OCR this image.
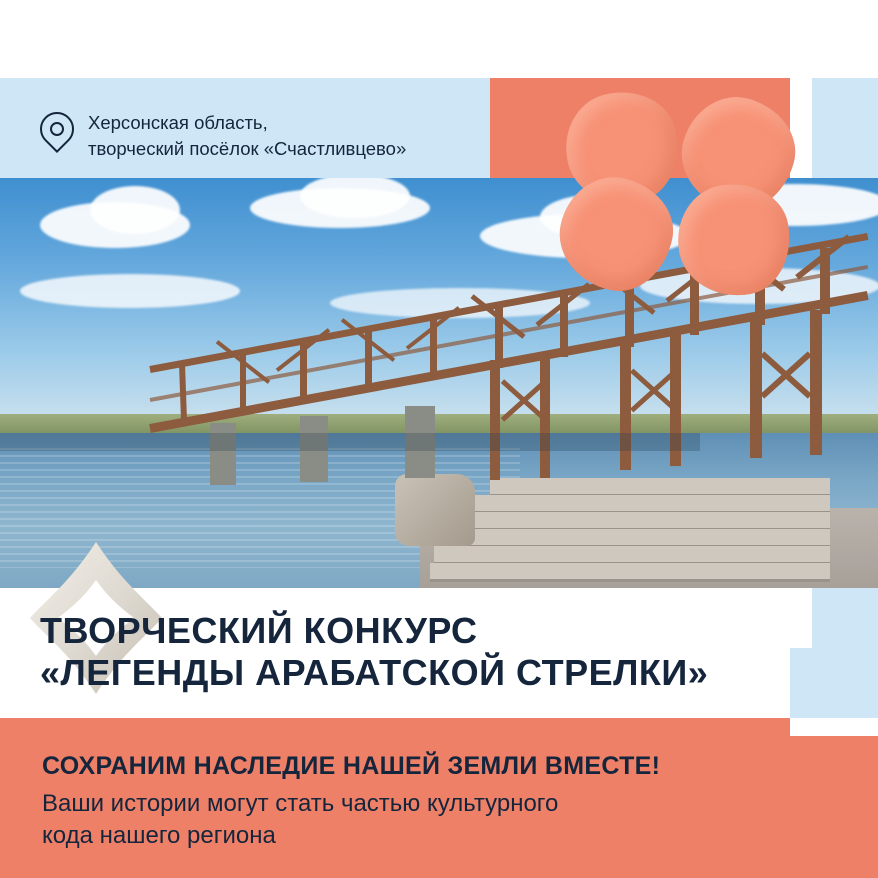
Херсонская область,
творческий посёлок «Счастливцево»
ТВОРЧЕСКИЙ КОНКУРС
«ЛЕГЕНДЫ АРАБАТСКОЙ СТРЕЛКИ»
СОХРАНИМ НАСЛЕДИЕ НАШЕЙ ЗЕМЛИ ВМЕСТЕ!
Ваши истории могут стать частью культурного
кода нашего региона
